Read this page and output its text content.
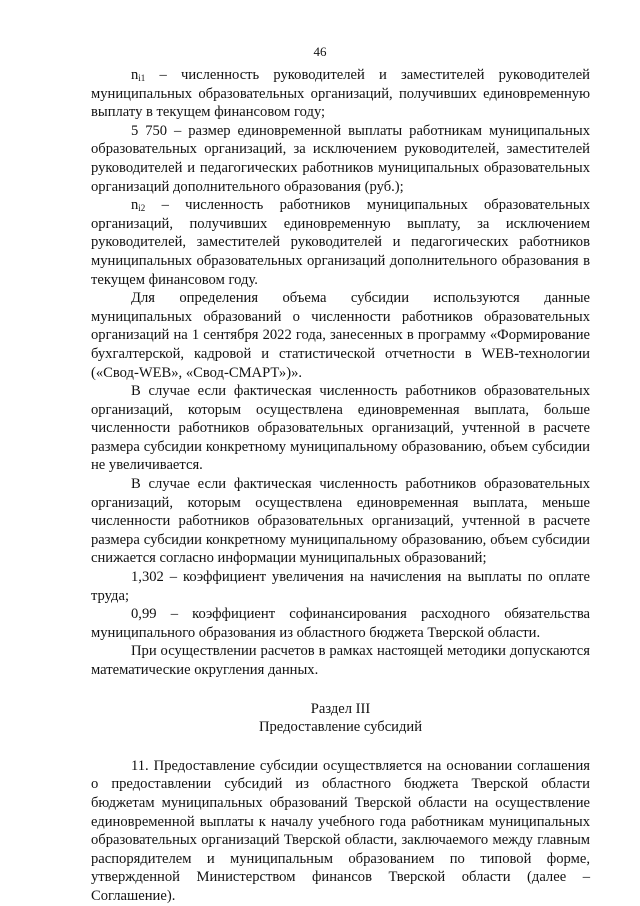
46

$n_{i1}$ – численность руководителей и заместителей руководителей муниципальных образовательных организаций, получивших единовременную выплату в текущем финансовом году;

5 750 – размер единовременной выплаты работникам муниципальных образовательных организаций, за исключением руководителей, заместителей руководителей и педагогических работников муниципальных образовательных организаций дополнительного образования (руб.);

$n_{i2}$ – численность работников муниципальных образовательных организаций, получивших единовременную выплату, за исключением руководителей, заместителей руководителей и педагогических работников муниципальных образовательных организаций дополнительного образования в текущем финансовом году.

Для определения объема субсидии используются данные муниципальных образований о численности работников образовательных организаций на 1 сентября 2022 года, занесенных в программу «Формирование бухгалтерской, кадровой и статистической отчетности в WEB-технологии («Свод-WEB», «Свод-СМАРТ»)».

В случае если фактическая численность работников образовательных организаций, которым осуществлена единовременная выплата, больше численности работников образовательных организаций, учтенной в расчете размера субсидии конкретному муниципальному образованию, объем субсидии не увеличивается.

В случае если фактическая численность работников образовательных организаций, которым осуществлена единовременная выплата, меньше численности работников образовательных организаций, учтенной в расчете размера субсидии конкретному муниципальному образованию, объем субсидии снижается согласно информации муниципальных образований;

1,302 – коэффициент увеличения на начисления на выплаты по оплате труда;

0,99 – коэффициент софинансирования расходного обязательства муниципального образования из областного бюджета Тверской области.

При осуществлении расчетов в рамках настоящей методики допускаются математические округления данных.

Раздел III

Предоставление субсидий

11. Предоставление субсидии осуществляется на основании соглашения о предоставлении субсидий из областного бюджета Тверской области бюджетам муниципальных образований Тверской области на осуществление единовременной выплаты к началу учебного года работникам муниципальных образовательных организаций Тверской области, заключаемого между главным распорядителем и муниципальным образованием по типовой форме, утвержденной Министерством финансов Тверской области (далее – Соглашение).
